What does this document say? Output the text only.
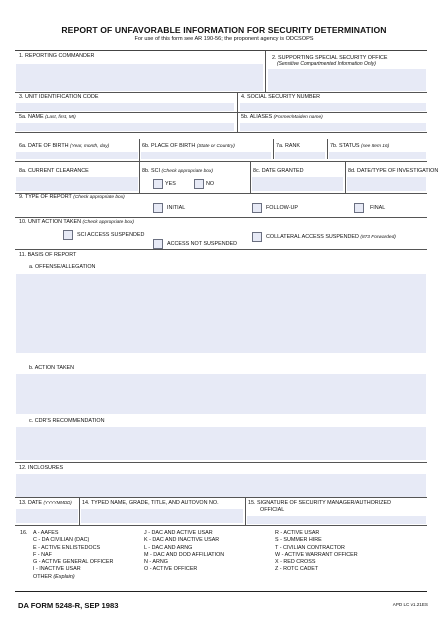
REPORT OF UNFAVORABLE INFORMATION FOR SECURITY DETERMINATION
For use of this form see AR 190-56; the proponent agency is ODCSOPS
1. REPORTING COMMANDER	2. SUPPORTING SPECIAL SECURITY OFFICE
(Sensitive Compartmented Information Only)
3. UNIT IDENTIFICATION CODE	4. SOCIAL SECURITY NUMBER
5a. NAME (Last, first, MI)	5b. ALIASES (Former/Maiden name)
6a. DATE OF BIRTH (Year, month, day)	6b. PLACE OF BIRTH (State or Country)	7a. RANK	7b. STATUS (see Item 16)
8a. CURRENT CLEARANCE	8b. SCI (Check appropriate box)
YES	NO
8c. DATE GRANTED	8d. DATE/TYPE OF INVESTIGATION
9. TYPE OF REPORT (Check appropriate box)
INITIAL	FOLLOW-UP	FINAL
10. UNIT ACTION TAKEN (Check appropriate box)
SCI ACCESS SUSPENDED
ACCESS NOT SUSPENDED
COLLATERAL ACCESS SUSPENDED (873 Forwarded)
11. BASIS OF REPORT
a. OFFENSE/ALLEGATION
b. ACTION TAKEN
c. CDR'S RECOMMENDATION
12. INCLOSURES
13. DATE (YYYYMMDD) 14. TYPED NAME, GRADE, TITLE, AND AUTOVON NO.	15. SIGNATURE OF SECURITY MANAGER/AUTHORIZED
OFFICIAL
16. A - AAFES
C - DA CIVILIAN (DAC)
E - ACTIVE ENLISTEDOCS
F - NAF
G - ACTIVE GENERAL OFFICER
I - INACTIVE USAR
OTHER (Explain)
J - DAC AND ACTIVE USAR
K - DAC AND INACTIVE USAR
L - DAC AND ARNG
M - DAC AND DOD AFFILIATION
N - ARNG
O - ACTIVE OFFICER
R - ACTIVE USAR
S - SUMMER HIRE
T - CIVILIAN CONTRACTOR
W - ACTIVE WARRANT OFFICER
X - RED CROSS
Z - ROTC CADET
DA FORM 5248-R, SEP 1983	APD LC v1.21ES
